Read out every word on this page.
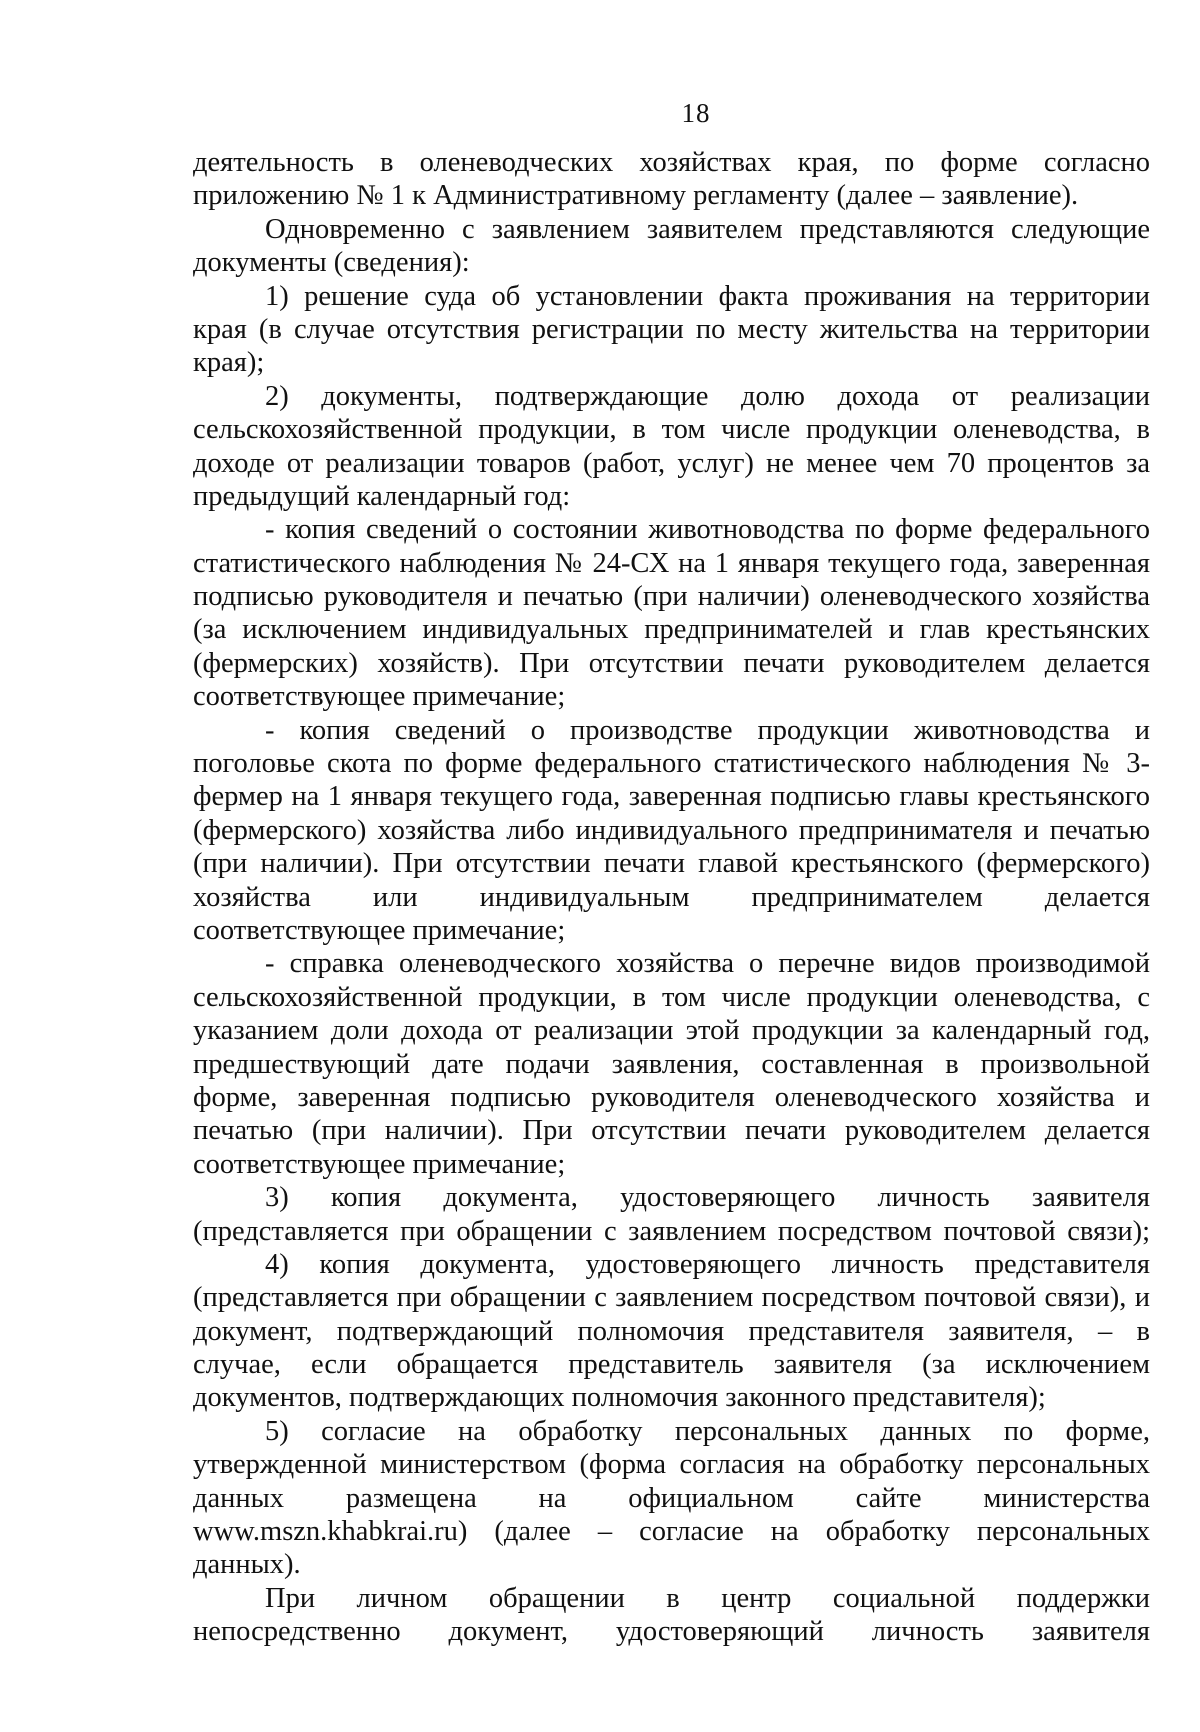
18
деятельность в оленеводческих хозяйствах края, по форме согласно
приложению № 1 к Административному регламенту (далее – заявление).
Одновременно с заявлением заявителем представляются следующие
документы (сведения):
1) решение суда об установлении факта проживания на территории
края (в случае отсутствия регистрации по месту жительства на территории
края);
2) документы, подтверждающие долю дохода от реализации
сельскохозяйственной продукции, в том числе продукции оленеводства, в
доходе от реализации товаров (работ, услуг) не менее чем 70 процентов за
предыдущий календарный год:
- копия сведений о состоянии животноводства по форме федерального
статистического наблюдения № 24-СХ на 1 января текущего года, заверенная
подписью руководителя и печатью (при наличии) оленеводческого хозяйства
(за исключением индивидуальных предпринимателей и глав крестьянских
(фермерских) хозяйств). При отсутствии печати руководителем делается
соответствующее примечание;
- копия сведений о производстве продукции животноводства и
поголовье скота по форме федерального статистического наблюдения № 3-
фермер на 1 января текущего года, заверенная подписью главы крестьянского
(фермерского) хозяйства либо индивидуального предпринимателя и печатью
(при наличии). При отсутствии печати главой крестьянского (фермерского)
хозяйства или индивидуальным предпринимателем делается
соответствующее примечание;
- справка оленеводческого хозяйства о перечне видов производимой
сельскохозяйственной продукции, в том числе продукции оленеводства, с
указанием доли дохода от реализации этой продукции за календарный год,
предшествующий дате подачи заявления, составленная в произвольной
форме, заверенная подписью руководителя оленеводческого хозяйства и
печатью (при наличии). При отсутствии печати руководителем делается
соответствующее примечание;
3) копия документа, удостоверяющего личность заявителя
(представляется при обращении с заявлением посредством почтовой связи);
4) копия документа, удостоверяющего личность представителя
(представляется при обращении с заявлением посредством почтовой связи), и
документ, подтверждающий полномочия представителя заявителя, – в
случае, если обращается представитель заявителя (за исключением
документов, подтверждающих полномочия законного представителя);
5) согласие на обработку персональных данных по форме,
утвержденной министерством (форма согласия на обработку персональных
данных размещена на официальном сайте министерства
www.mszn.khabkrai.ru) (далее – согласие на обработку персональных
данных).
При личном обращении в центр социальной поддержки
непосредственно документ, удостоверяющий личность заявителя
